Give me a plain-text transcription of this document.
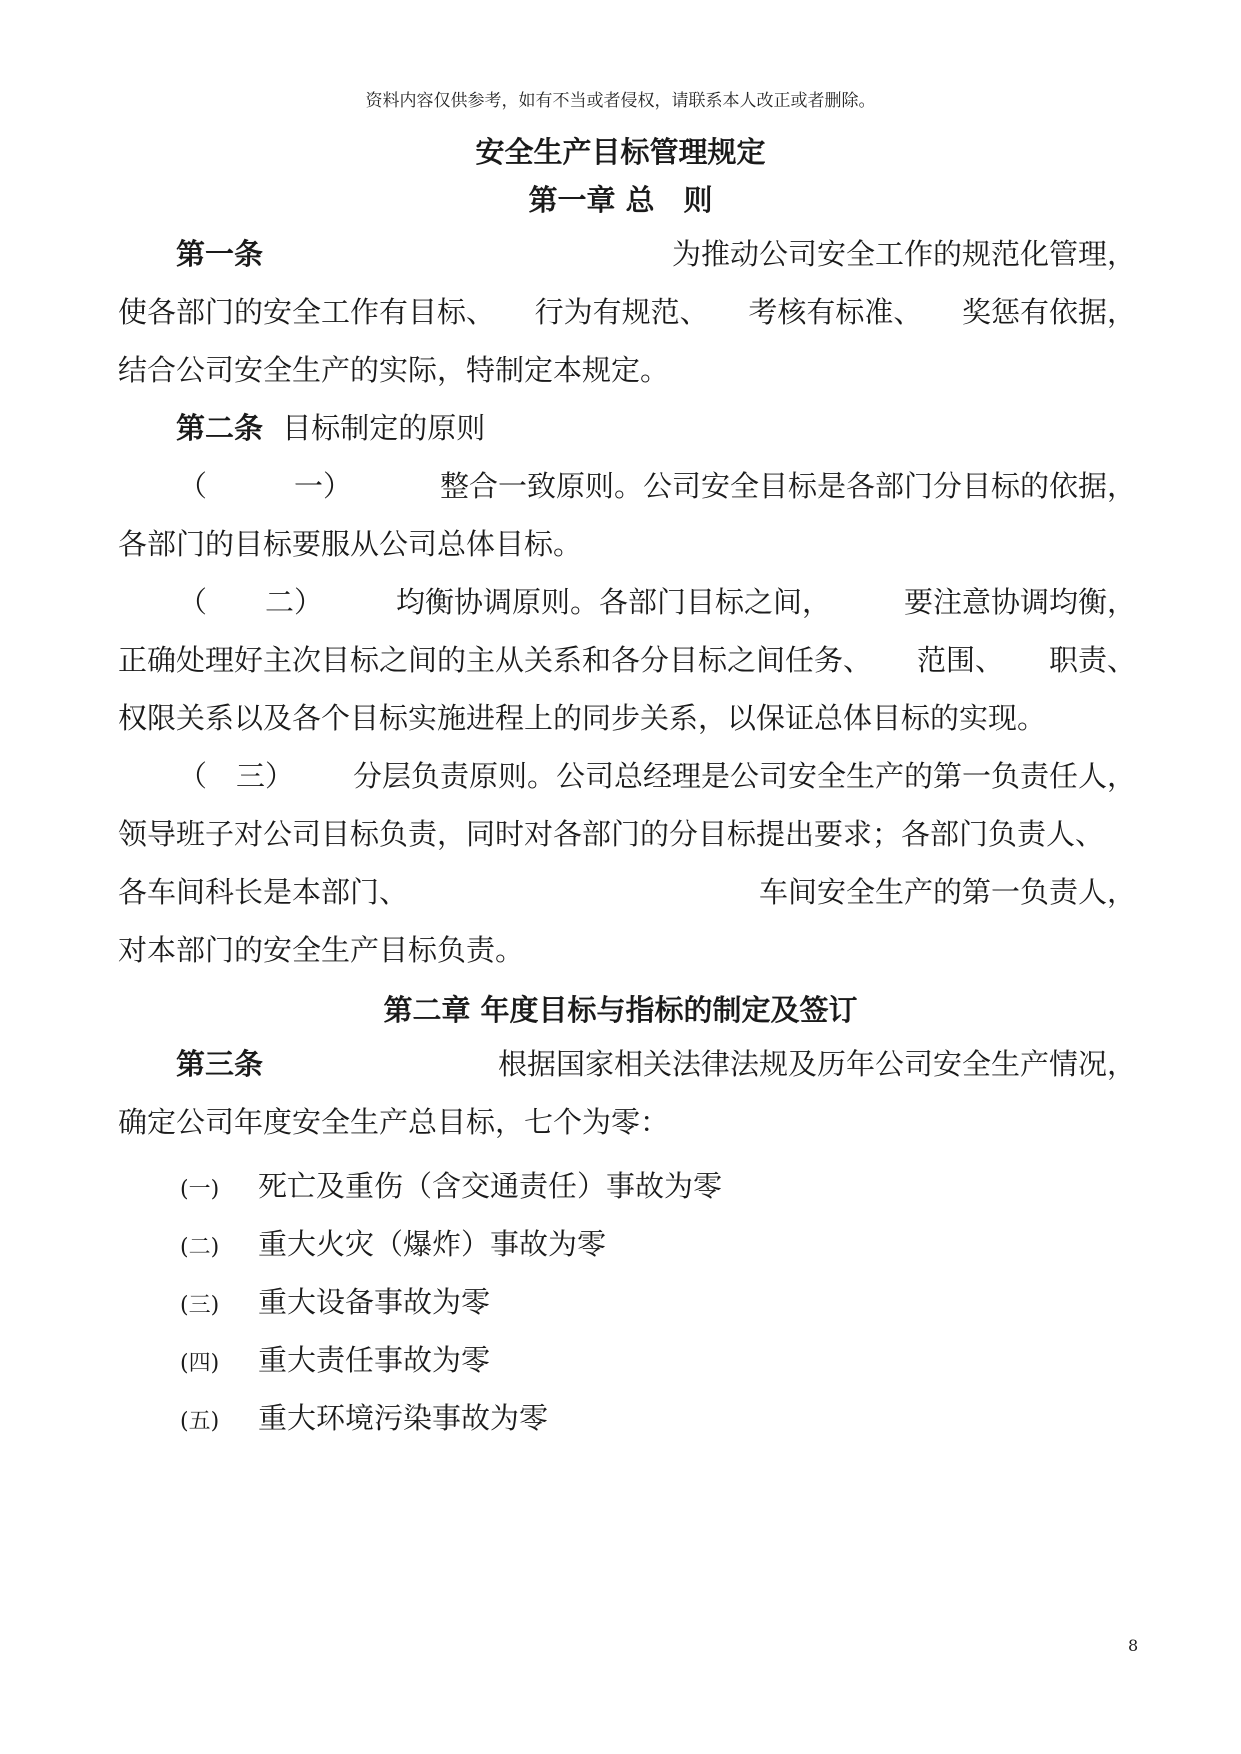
资料内容仅供参考，如有不当或者侵权，请联系本人改正或者删除。
安全生产目标管理规定
第一章 总　则
第一条	为推动公司安全工作的规范化管理，
使各部门的安全工作有目标、 行为有规范、 考核有标准、 奖惩有依据，
结合公司安全生产的实际，特制定本规定。
第二条 目标制定的原则
（　　　一）	整合一致原则。公司安全目标是各部门分目标的依据，
各部门的目标要服从公司总体目标。
（　　二）	均衡协调原则。各部门目标之间，	要注意协调均衡，
正确处理好主次目标之间的主从关系和各分目标之间任务、 范围、 职责、
权限关系以及各个目标实施进程上的同步关系，以保证总体目标的实现。
（　三） 分层负责原则。公司总经理是公司安全生产的第一负责任人，
领导班子对公司目标负责，同时对各部门的分目标提出要求；各部门负责人、
各车间科长是本部门、	车间安全生产的第一负责人，
对本部门的安全生产目标负责。
第二章 年度目标与指标的制定及签订
第三条	根据国家相关法律法规及历年公司安全生产情况，
确定公司年度安全生产总目标，七个为零：
(一) 死亡及重伤（含交通责任）事故为零
(二) 重大火灾（爆炸）事故为零
(三) 重大设备事故为零
(四) 重大责任事故为零
(五) 重大环境污染事故为零
8
